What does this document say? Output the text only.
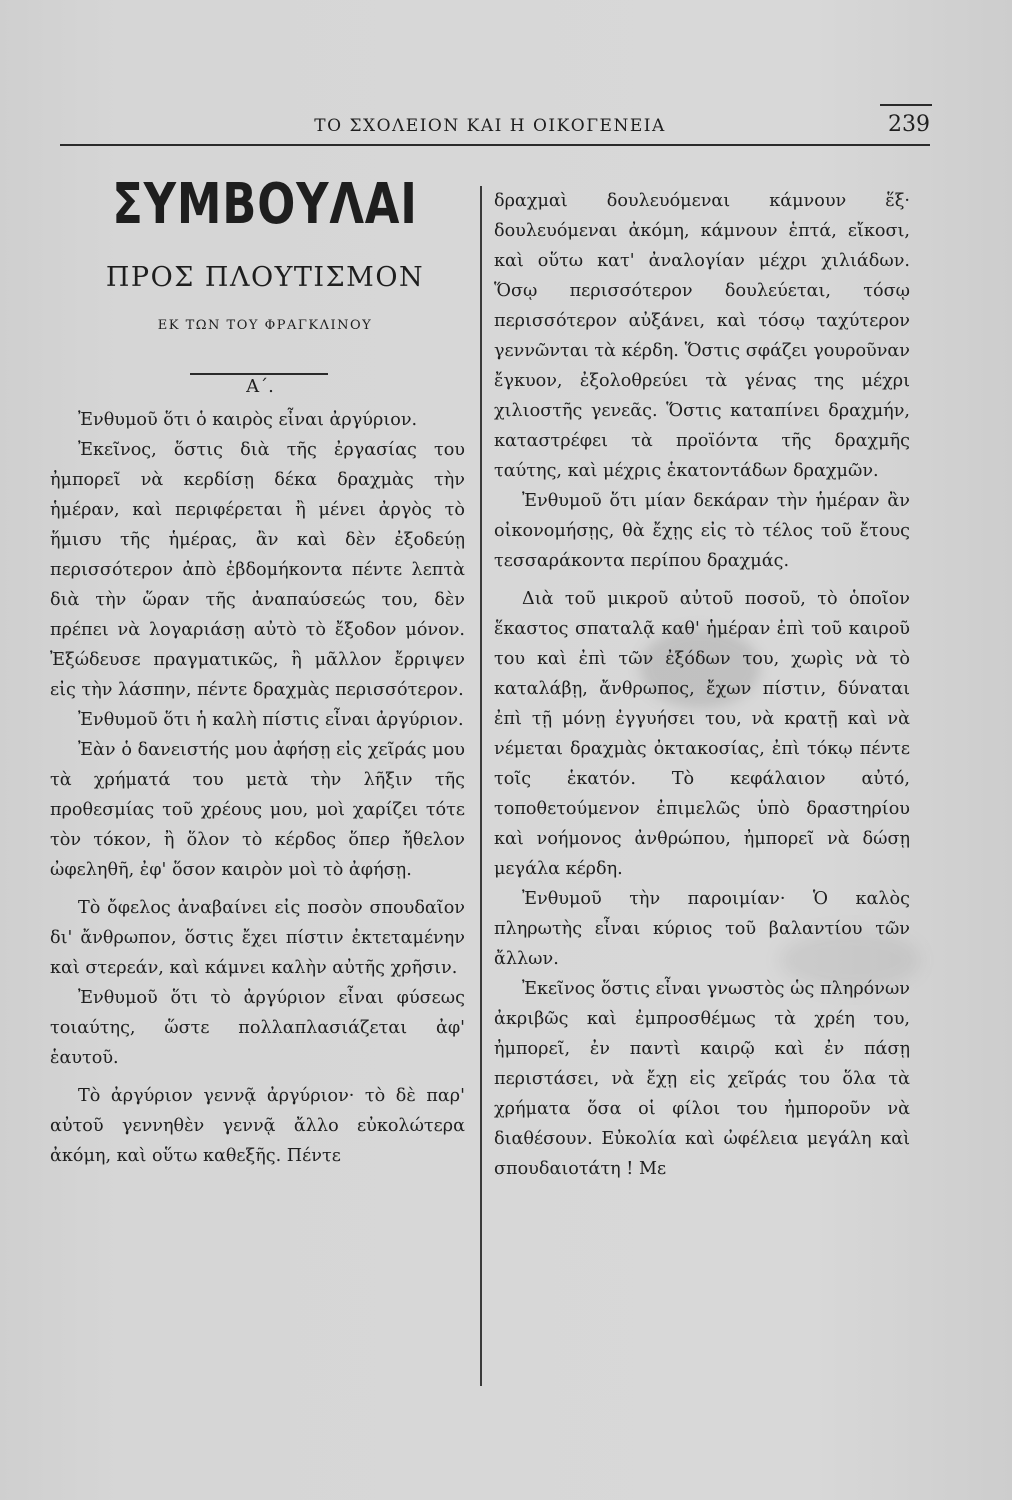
ΤΟ ΣΧΟΛΕΙΟΝ ΚΑΙ Η ΟΙΚΟΓΕΝΕΙΑ	239
ΣΥΜΒΟΥΛΑΙ
ΠΡΟΣ ΠΛΟΥΤΙΣΜΟΝ
ΕΚ ΤΩΝ ΤΟΥ ΦΡΑΓΚΛΙΝΟΥ
Α΄.

Ἐνθυμοῦ ὅτι ὁ καιρὸς εἶναι ἀργύριον.

Ἐκεῖνος, ὅστις διὰ τῆς ἐργασίας του ἠμπορεῖ νὰ κερδίσῃ δέκα δραχμὰς τὴν ἡμέραν, καὶ περιφέρεται ἢ μένει ἀργὸς τὸ ἥμισυ τῆς ἡμέρας, ἂν καὶ δὲν ἐξοδεύῃ περισσότερον ἀπὸ ἑβδομήκοντα πέντε λεπτὰ διὰ τὴν ὥραν τῆς ἀναπαύσεώς του, δὲν πρέπει νὰ λογαριάσῃ αὐτὸ τὸ ἔξοδον μόνον. Ἐξώδευσε πραγματικῶς, ἢ μᾶλλον ἔρριψεν εἰς τὴν λάσπην, πέντε δραχμὰς περισσότερον.

Ἐνθυμοῦ ὅτι ἡ καλὴ πίστις εἶναι ἀργύριον.

Ἐὰν ὁ δανειστής μου ἀφήσῃ εἰς χεῖράς μου τὰ χρήματά του μετὰ τὴν λῆξιν τῆς προθεσμίας τοῦ χρέους μου, μοὶ χαρίζει τότε τὸν τόκον, ἢ ὅλον τὸ κέρδος ὅπερ ἤθελον ὠφεληθῆ, ἐφ' ὅσον καιρὸν μοὶ τὸ ἀφήσῃ.

Τὸ ὄφελος ἀναβαίνει εἰς ποσὸν σπουδαῖον δι' ἄνθρωπον, ὅστις ἔχει πίστιν ἐκτεταμένην καὶ στερεάν, καὶ κάμνει καλὴν αὐτῆς χρῆσιν.

Ἐνθυμοῦ ὅτι τὸ ἀργύριον εἶναι φύσεως τοιαύτης, ὥστε πολλαπλασιάζεται ἀφ' ἑαυτοῦ.

Τὸ ἀργύριον γεννᾷ ἀργύριον· τὸ δὲ παρ' αὐτοῦ γεννηθὲν γεννᾷ ἄλλο εὐκολώτερα ἀκόμη, καὶ οὕτω καθεξῆς. Πέντε

δραχμαὶ δουλευόμεναι κάμνουν ἕξ· δουλευόμεναι ἀκόμη, κάμνουν ἑπτά, εἴκοσι, καὶ οὕτω κατ' ἀναλογίαν μέχρι χιλιάδων. Ὅσῳ περισσότερον δουλεύεται, τόσῳ περισσότερον αὐξάνει, καὶ τόσῳ ταχύτερον γεννῶνται τὰ κέρδη. Ὅστις σφάζει γουροῦναν ἔγκυον, ἐξολοθρεύει τὰ γένας της μέχρι χιλιοστῆς γενεᾶς. Ὅστις καταπίνει δραχμήν, καταστρέφει τὰ προϊόντα τῆς δραχμῆς ταύτης, καὶ μέχρις ἑκατοντάδων δραχμῶν.

Ἐνθυμοῦ ὅτι μίαν δεκάραν τὴν ἡμέραν ἂν οἰκονομήσῃς, θὰ ἔχῃς εἰς τὸ τέλος τοῦ ἔτους τεσσαράκοντα περίπου δραχμάς.

Διὰ τοῦ μικροῦ αὐτοῦ ποσοῦ, τὸ ὁποῖον ἕκαστος σπαταλᾷ καθ' ἡμέραν ἐπὶ τοῦ καιροῦ του καὶ ἐπὶ τῶν ἐξόδων του, χωρὶς νὰ τὸ καταλάβῃ, ἄνθρωπος, ἔχων πίστιν, δύναται ἐπὶ τῇ μόνῃ ἐγγυήσει του, νὰ κρατῇ καὶ νὰ νέμεται δραχμὰς ὀκτακοσίας, ἐπὶ τόκῳ πέντε τοῖς ἑκατόν. Τὸ κεφάλαιον αὐτό, τοποθετούμενον ἐπιμελῶς ὑπὸ δραστηρίου καὶ νοήμονος ἀνθρώπου, ἠμπορεῖ νὰ δώσῃ μεγάλα κέρδη.

Ἐνθυμοῦ τὴν παροιμίαν· Ὁ καλὸς πληρωτὴς εἶναι κύριος τοῦ βαλαντίου τῶν ἄλλων.

Ἐκεῖνος ὅστις εἶναι γνωστὸς ὡς πληρόνων ἀκριβῶς καὶ ἐμπροσθέμως τὰ χρέη του, ἠμπορεῖ, ἐν παντὶ καιρῷ καὶ ἐν πάσῃ περιστάσει, νὰ ἔχῃ εἰς χεῖράς του ὅλα τὰ χρήματα ὅσα οἱ φίλοι του ἠμποροῦν νὰ διαθέσουν. Εὐκολία καὶ ὠφέλεια μεγάλη καὶ σπουδαιοτάτη ! Με
